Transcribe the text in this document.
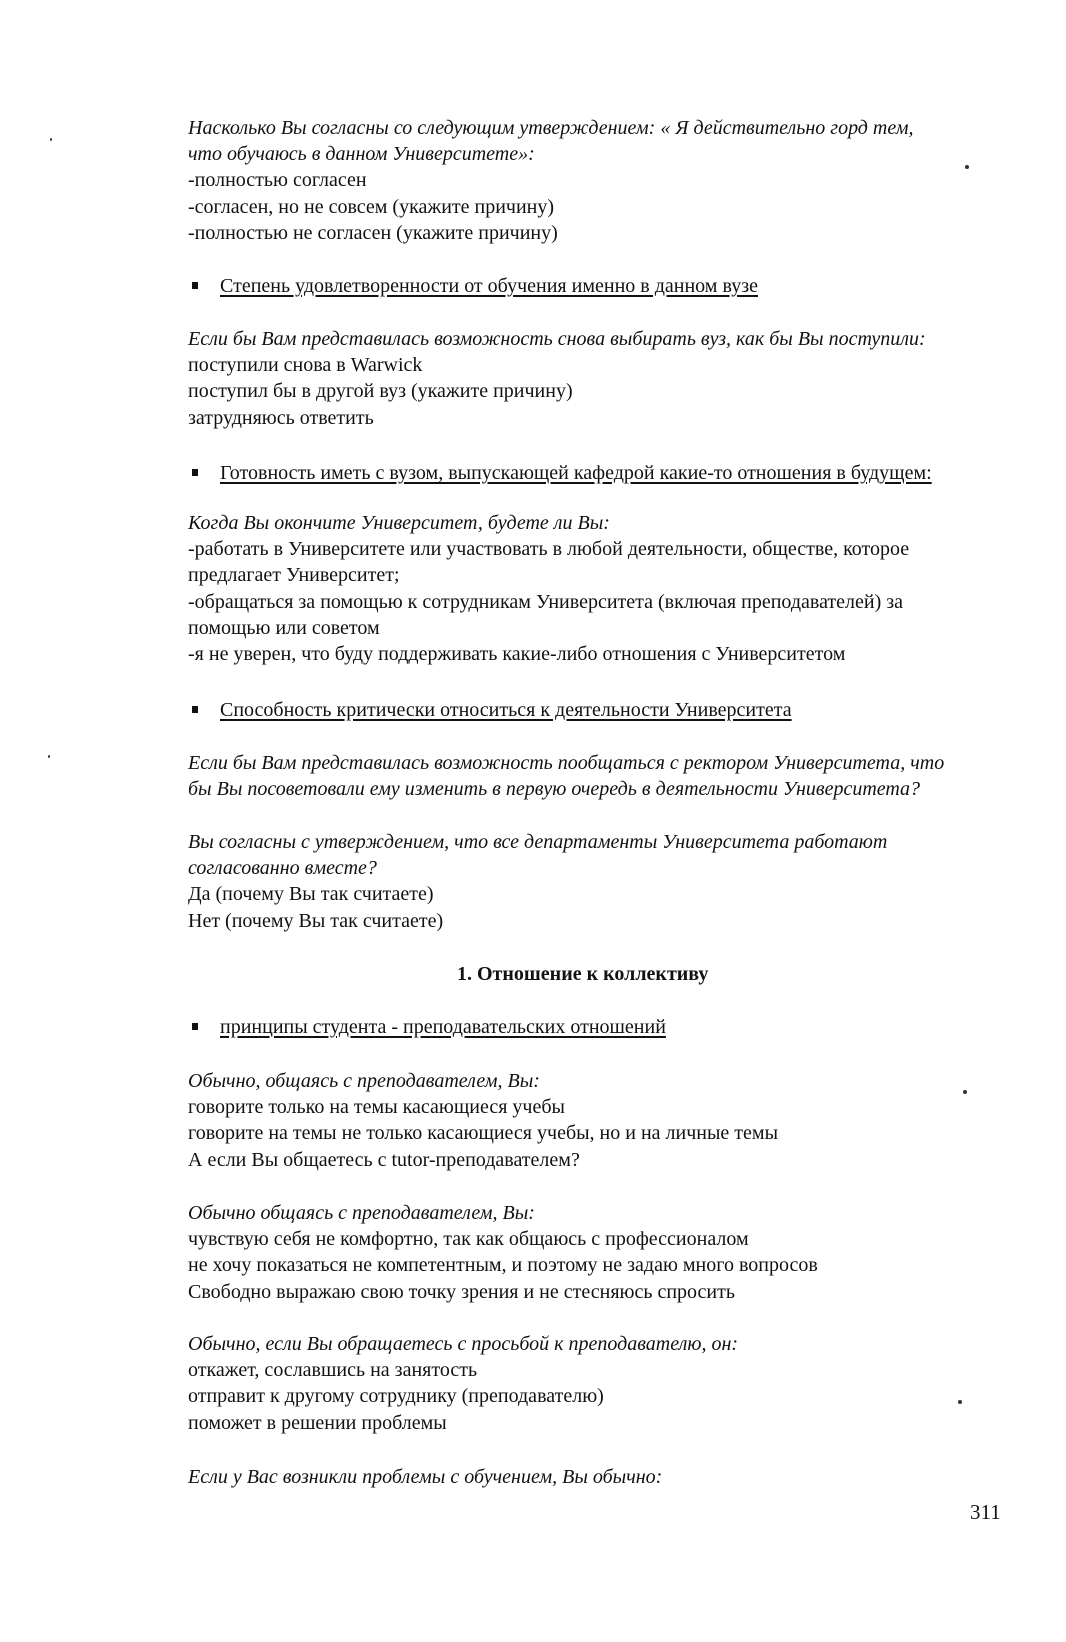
Насколько Вы согласны со следующим утверждением: « Я действительно горд тем,
что обучаюсь в данном Университете»:
-полностью согласен
-согласен, но не совсем (укажите причину)
-полностью не согласен (укажите причину)
Степень удовлетворенности от обучения именно в данном вузе
Если бы Вам представилась возможность снова выбирать вуз, как бы Вы поступили:
поступили снова в Warwick
поступил бы в другой вуз (укажите причину)
затрудняюсь ответить
Готовность иметь с вузом, выпускающей кафедрой какие-то отношения в будущем:
Когда Вы окончите Университет, будете ли Вы:
-работать в Университете или участвовать в любой деятельности, обществе, которое
предлагает Университет;
-обращаться за помощью к сотрудникам Университета (включая преподавателей) за
помощью или советом
-я не уверен, что буду поддерживать какие-либо отношения с Университетом
Способность критически относиться к деятельности Университета
Если бы Вам представилась возможность пообщаться с ректором Университета, что
бы Вы посоветовали ему изменить в первую очередь в деятельности Университета?
Вы согласны с утверждением, что все департаменты Университета работают
согласованно вместе?
Да (почему Вы так считаете)
Нет (почему Вы так считаете)
1. Отношение к коллективу
принципы студента - преподавательских отношений
Обычно, общаясь с преподавателем, Вы:
говорите только на темы касающиеся учебы
говорите на темы не только касающиеся учебы, но и на личные темы
А если Вы общаетесь с tutor-преподавателем?
Обычно общаясь с преподавателем, Вы:
чувствую себя не комфортно, так как общаюсь с профессионалом
не хочу показаться не компетентным, и поэтому не задаю много вопросов
Свободно выражаю свою точку зрения и не стесняюсь спросить
Обычно, если Вы обращаетесь с просьбой к преподавателю, он:
откажет, сославшись на занятость
отправит к другому сотруднику (преподавателю)
поможет в решении проблемы
Если у Вас возникли проблемы с обучением, Вы обычно:
311
